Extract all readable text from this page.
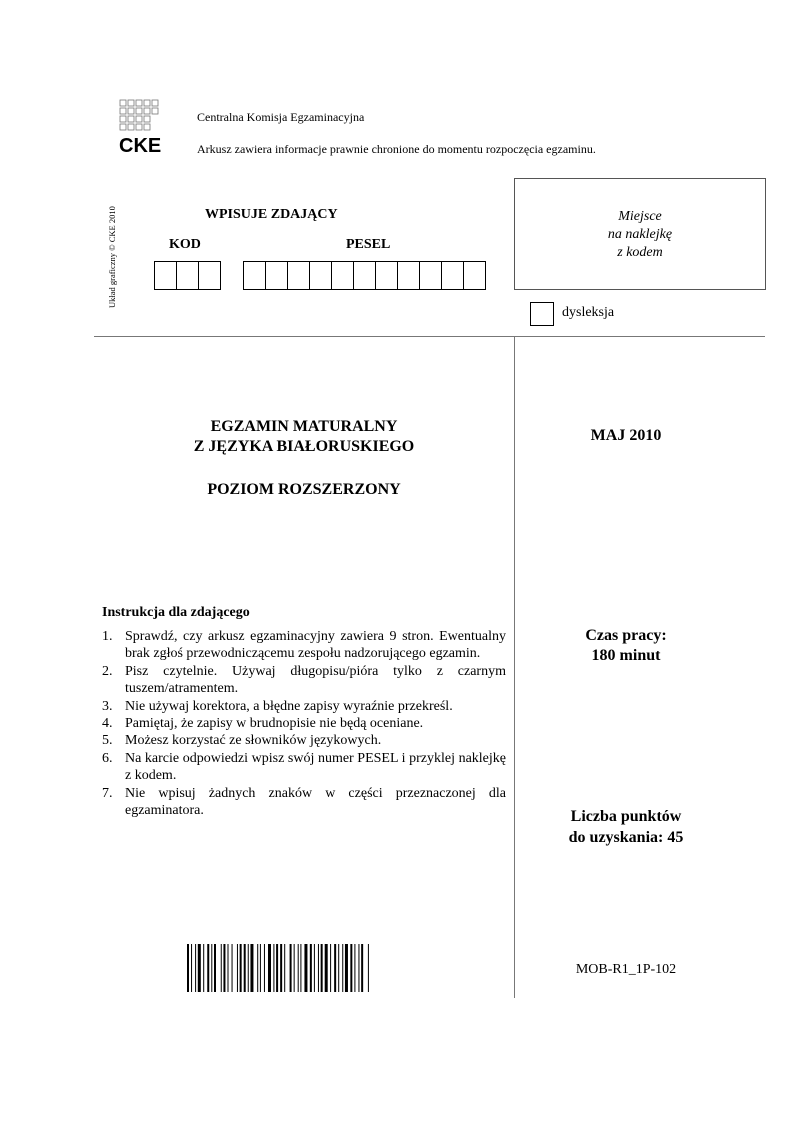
CKE
Centralna Komisja Egzaminacyjna
Arkusz zawiera informacje prawnie chronione do momentu rozpoczęcia egzaminu.
Układ graficzny © CKE 2010	WPISUJE ZDAJĄCY
KOD	PESEL
Miejsce
na naklejkę
z kodem
dysleksja
EGZAMIN MATURALNY
Z JĘZYKA BIAŁORUSKIEGO
POZIOM ROZSZERZONY
MAJ 2010
Instrukcja dla zdającego
1. Sprawdź, czy arkusz egzaminacyjny zawiera 9 stron. Ewentualny brak zgłoś przewodniczącemu zespołu nadzorującego egzamin.
2. Pisz czytelnie. Używaj długopisu/pióra tylko z czarnym tuszem/atramentem.
3. Nie używaj korektora, a błędne zapisy wyraźnie przekreśl.
4. Pamiętaj, że zapisy w brudnopisie nie będą oceniane.
5. Możesz korzystać ze słowników językowych.
6. Na karcie odpowiedzi wpisz swój numer PESEL i przyklej naklejkę z kodem.
7. Nie wpisuj żadnych znaków w części przeznaczonej dla egzaminatora.
Czas pracy:
180 minut
Liczba punktów
do uzyskania: 45
MOB-R1_1P-102
